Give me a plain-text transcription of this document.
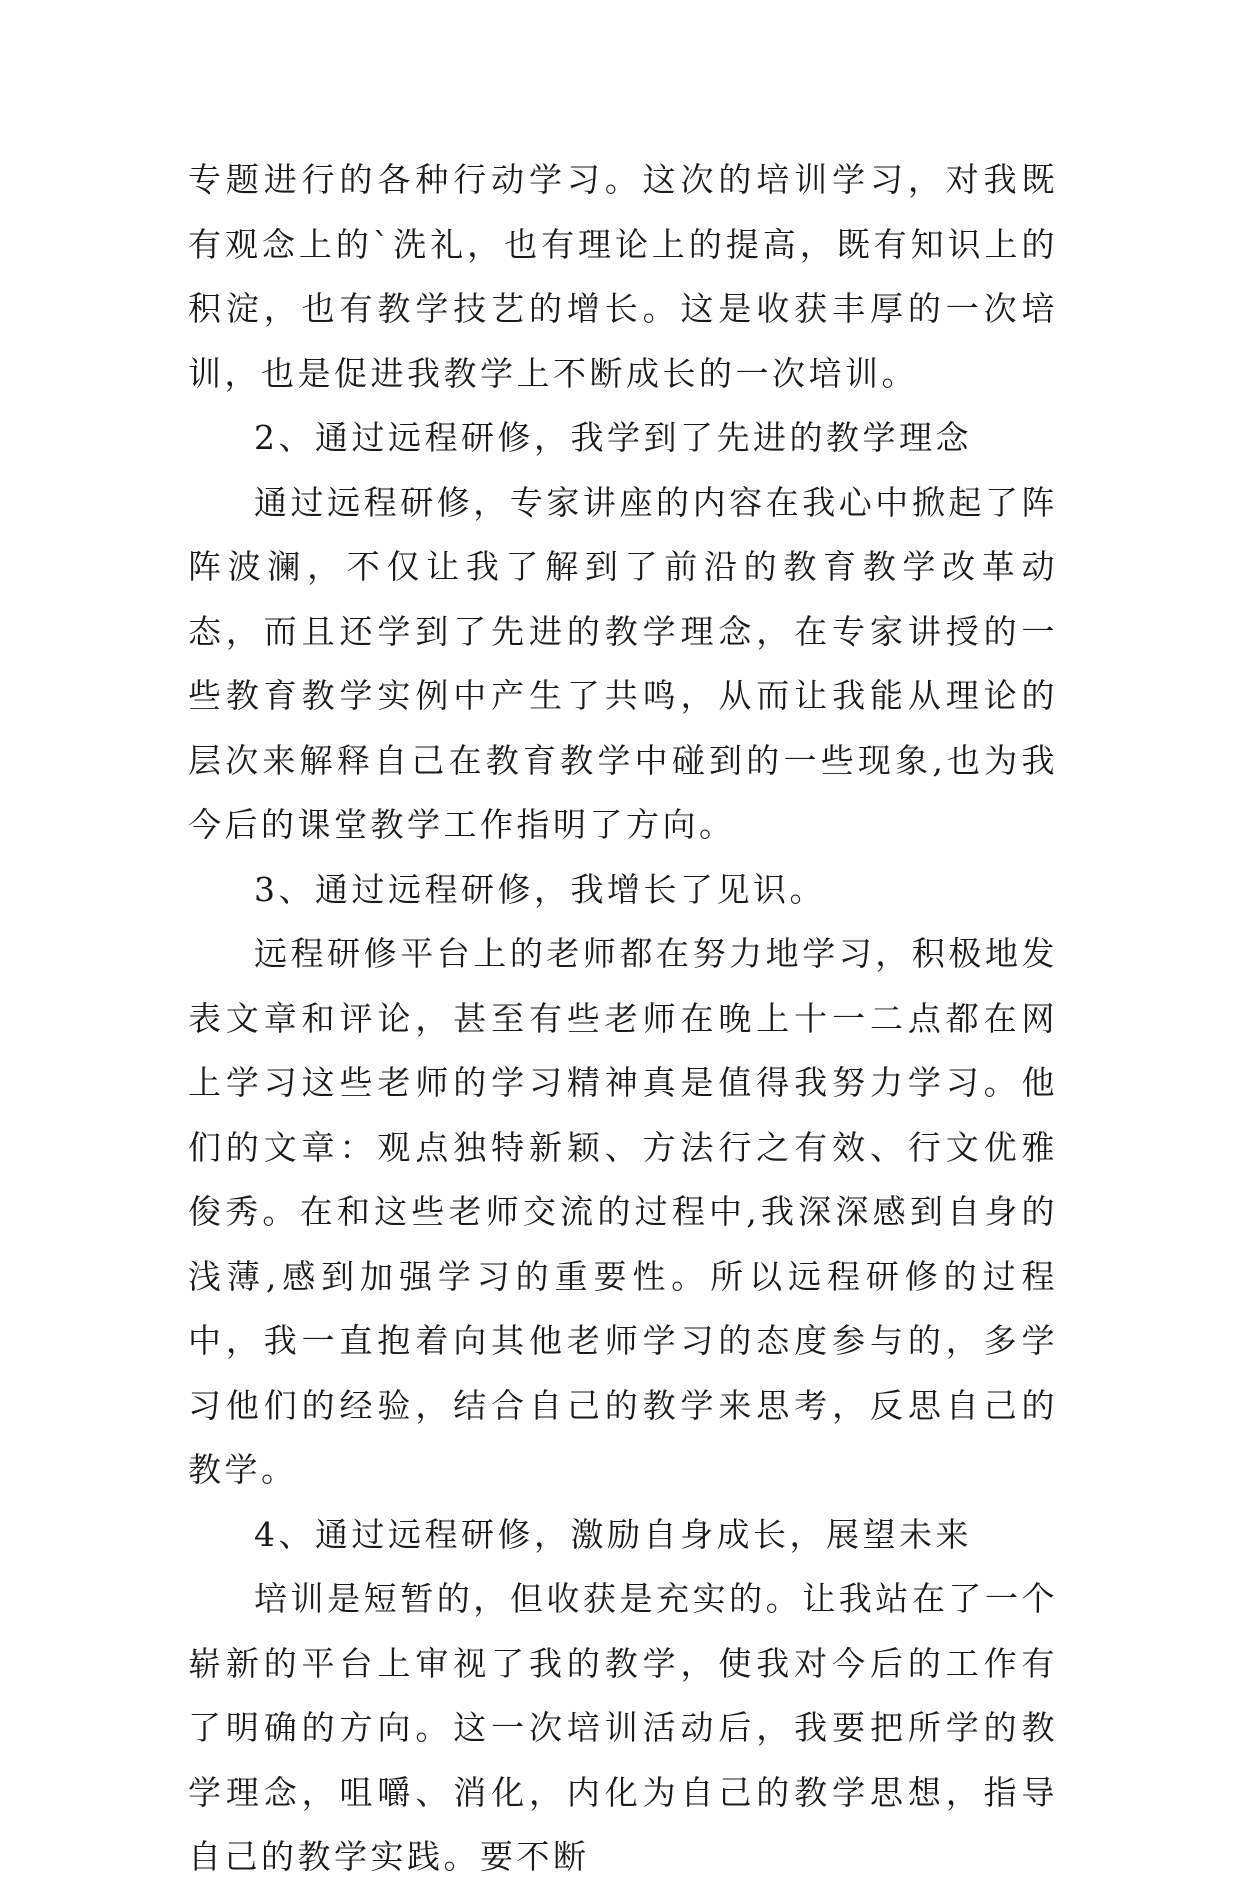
专题进行的各种行动学习。这次的培训学习，对我既有观念上的`洗礼，也有理论上的提高，既有知识上的积淀，也有教学技艺的增长。这是收获丰厚的一次培训，也是促进我教学上不断成长的一次培训。

2、通过远程研修，我学到了先进的教学理念

通过远程研修，专家讲座的内容在我心中掀起了阵阵波澜，不仅让我了解到了前沿的教育教学改革动态，而且还学到了先进的教学理念，在专家讲授的一些教育教学实例中产生了共鸣，从而让我能从理论的层次来解释自己在教育教学中碰到的一些现象,也为我今后的课堂教学工作指明了方向。

3、通过远程研修，我增长了见识。

远程研修平台上的老师都在努力地学习，积极地发表文章和评论，甚至有些老师在晚上十一二点都在网上学习这些老师的学习精神真是值得我努力学习。他们的文章：观点独特新颖、方法行之有效、行文优雅俊秀。在和这些老师交流的过程中,我深深感到自身的浅薄,感到加强学习的重要性。所以远程研修的过程中，我一直抱着向其他老师学习的态度参与的，多学习他们的经验，结合自己的教学来思考，反思自己的教学。

4、通过远程研修，激励自身成长，展望未来

培训是短暂的，但收获是充实的。让我站在了一个崭新的平台上审视了我的教学，使我对今后的工作有了明确的方向。这一次培训活动后，我要把所学的教学理念，咀嚼、消化，内化为自己的教学思想，指导自己的教学实践。要不断
